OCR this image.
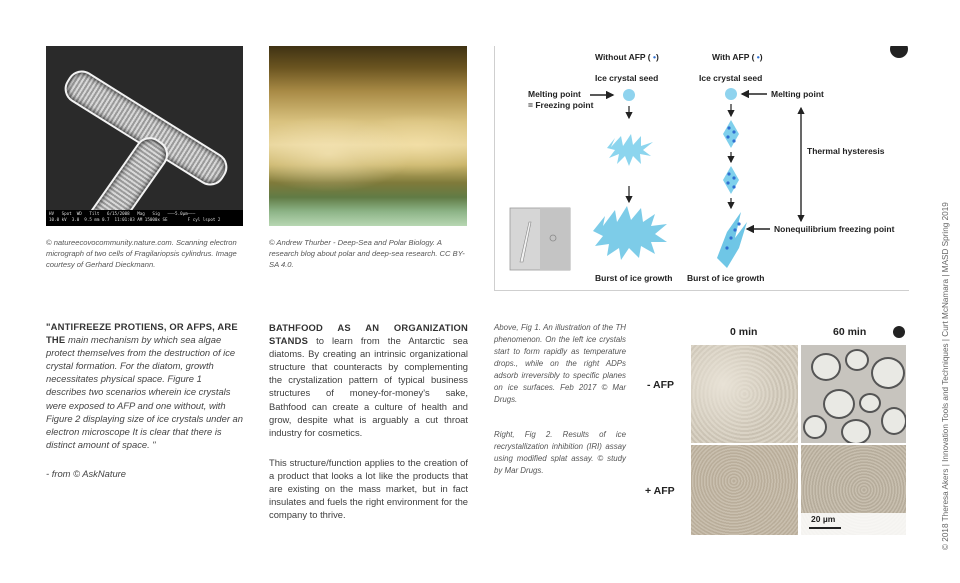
HV   Spot  WD   Tilt   6/15/2008   Mag   Sig   ———5.0µm———
10.0 kV  3.0  9.5 mm 0.7  11:01:03 AM 15000x SE        F cyl lspot 2
© natureecovocommunity.nature.com. Scanning electron micrograph of two cells of Fragilariopsis cylindrus. Image courtesy of Gerhard Dieckmann.
© Andrew Thurber - Deep-Sea and Polar Biology. A research blog about polar and deep-sea research. CC BY-SA 4.0.
Without AFP ( •)	With AFP ( •)
Ice crystal seed	Ice crystal seed
Melting point
= Freezing point
Melting point
Burst of ice growth Burst of ice growth
Thermal hysteresis
Nonequilibrium freezing point
"ANTIFREEZE PROTIENS, OR AFPS, ARE THE main mechanism by which sea algae protect themselves from the destruction of ice crystal formation. For the diatom, growth necessitates physical space. Figure 1 describes two scenarios wherein ice crystals were exposed to AFP and one without, with Figure 2 displaying size of ice crystals under an electron microscope It is clear that there is distinct amount of space. "
- from © AskNature
BATHFOOD AS AN ORGANIZATION STANDS to learn from the Antarctic sea diatoms. By creating an intrinsic organizational structure that counteracts by complementing the crystalization pattern of typical business structures of money-for-money's sake, Bathfood can create a culture of health and grow, despite what is arguably a cut throat industry for cosmetics.
This structure/function applies to the creation of a product that looks a lot like the products that are existing on the mass market, but in fact insulates and fuels the right environment for the company to thrive.
Above, Fig 1. An illustration of the TH phenomenon. On the left ice crystals start to form rapidly as temperature drops., while on the right ADPs adsorb irreversibly to specific planes on ice surfaces. Feb 2017 © Mar Drugs.
Right, Fig 2. Results of ice recrystallization inhibition (IRI) assay using modified splat assay. © study by Mar Drugs.
0 min	60 min
- AFP
+ AFP
20 µm	© 2018 Theresa Akers | Innovation Tools and Techniques | Curt McNamara | MASD Spring 2019
